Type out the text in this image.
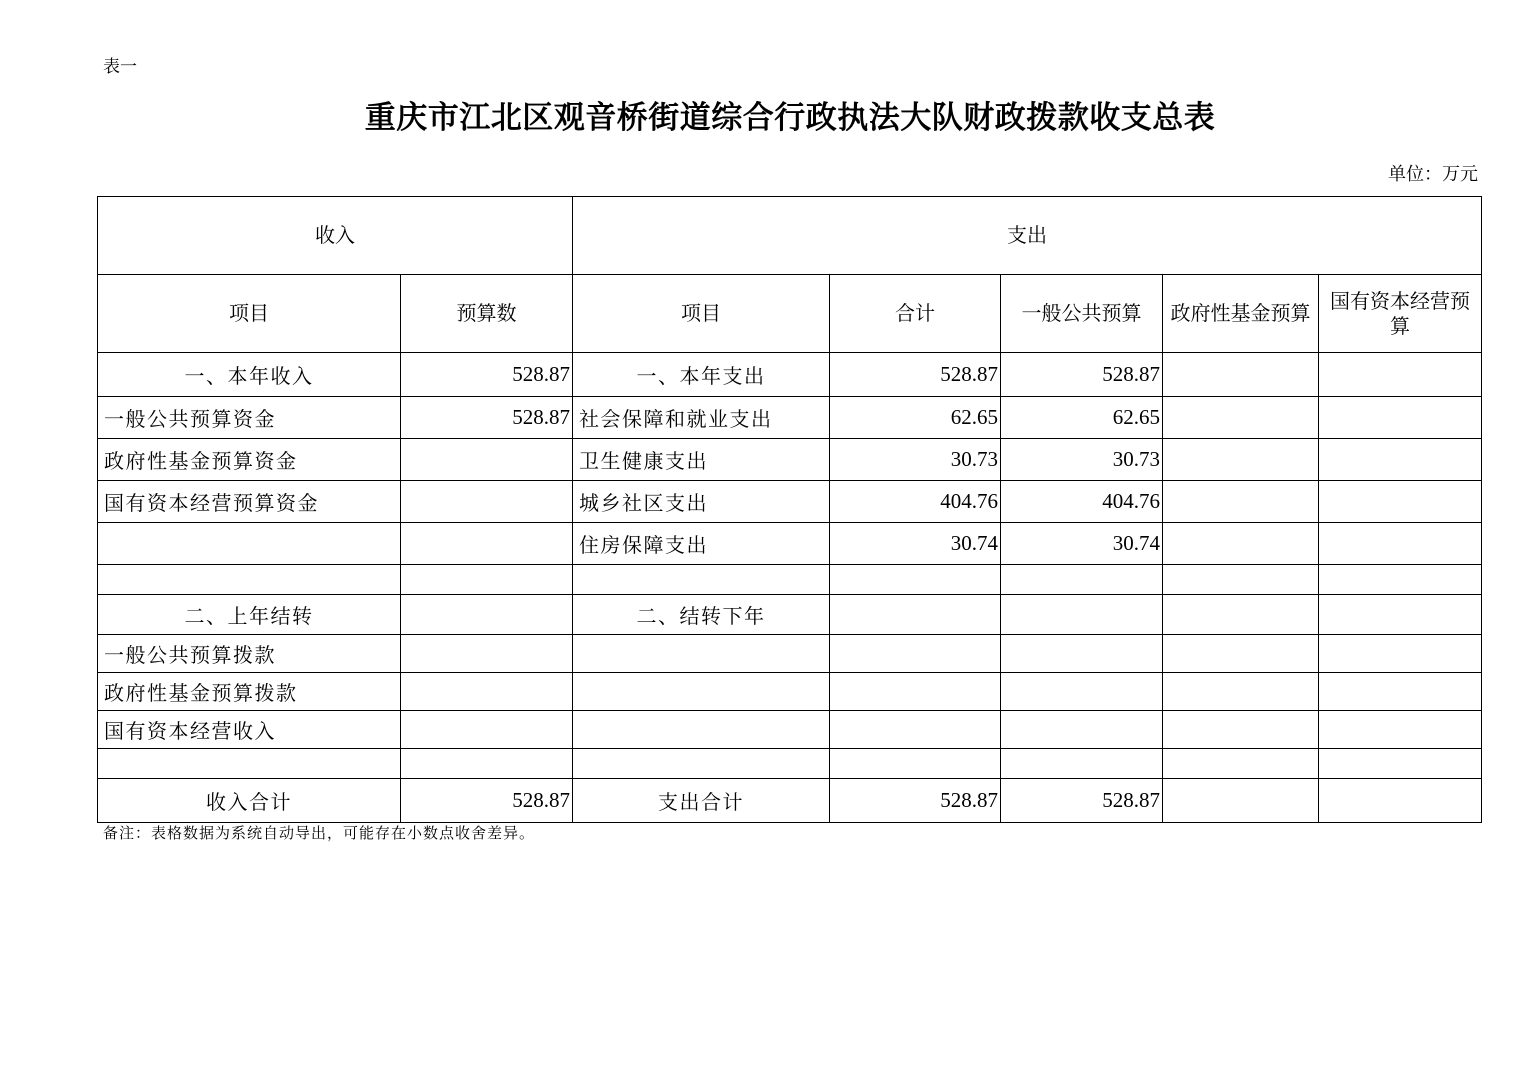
表一
重庆市江北区观音桥街道综合行政执法大队财政拨款收支总表
单位：万元
收入		支出				
项目	预算数	项目	合计	一般公共预算	政府性基金预算	国有资本经营预算
一、本年收入	528.87	一、本年支出	528.87	528.87		
一般公共预算资金	528.87	社会保障和就业支出	62.65	62.65		
政府性基金预算资金		卫生健康支出	30.73	30.73		
国有资本经营预算资金		城乡社区支出	404.76	404.76		
		住房保障支出	30.74	30.74		

二、上年结转		二、结转下年				
一般公共预算拨款						
政府性基金预算拨款						
国有资本经营收入						

收入合计	528.87	支出合计	528.87	528.87		
备注：表格数据为系统自动导出，可能存在小数点收舍差异。
